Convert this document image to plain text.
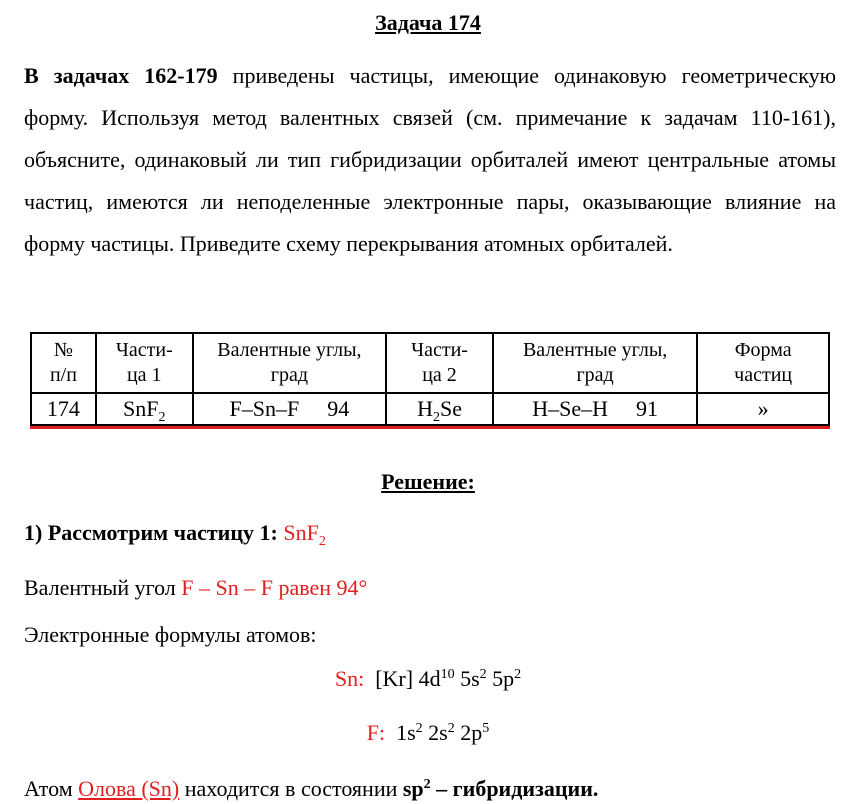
Задача 174
В задачах 162-179 приведены частицы, имеющие одинаковую геометрическую форму. Используя метод валентных связей (см. примечание к задачам 110-161), объясните, одинаковый ли тип гибридизации орбиталей имеют центральные атомы частиц, имеются ли неподеленные электронные пары, оказывающие влияние на форму частицы. Приведите схему перекрывания атомных орбиталей.
№
п/п	Части-
ца 1	Валентные углы,
град	Части-
ца 2	Валентные углы,
град	Форма
частиц
174	SnF$_2$	F–Sn–F 94	$H_2Se$	H–Se–H 91	»
Решение:
1) Рассмотрим частицу 1: SnF$_2$
Валентный угол F – Sn – F равен 94°
Электронные формулы атомов:
Sn: [Kr] $4d^{10}$ $5s^2$ $5p^2$
F: $1s^2$ $2s^2$ $2p^5$
Атом Олова (Sn) находится в состоянии $sp^2$ – гибридизации.
